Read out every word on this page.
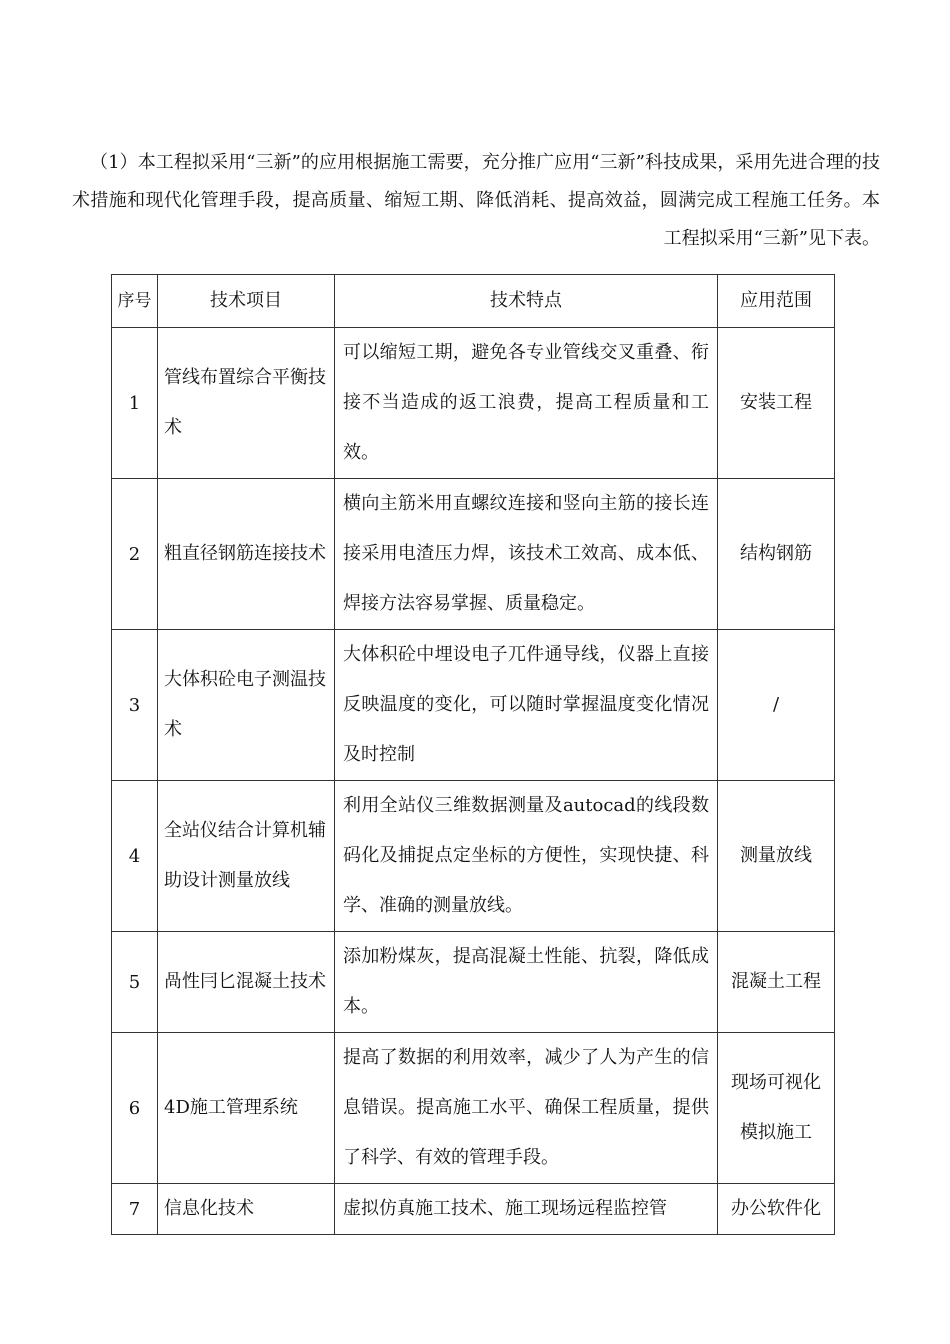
（1）本工程拟采用“三新”的应用根据施工需要，充分推广应用“三新”科技成果，采用先进合理的技术措施和现代化管理手段，提高质量、缩短工期、降低消耗、提高效益，圆满完成工程施工任务。本工程拟采用“三新”见下表。

序号	技术项目	技术特点	应用范围
1	管线布置综合平衡技术	可以缩短工期，避免各专业管线交叉重叠、衔接不当造成的返工浪费，提高工程质量和工效。	安装工程
2	粗直径钢筋连接技术	横向主筋米用直螺纹连接和竖向主筋的接长连接采用电渣压力焊，该技术工效高、成本低、焊接方法容易掌握、质量稳定。	结构钢筋
3	大体积砼电子测温技术	大体积砼中埋设电子兀件通导线，仪器上直接反映温度的变化，可以随时掌握温度变化情况及时控制	/
4	全站仪结合计算机辅助设计测量放线	利用全站仪三维数据测量及autocad的线段数码化及捕捉点定坐标的方便性，实现快捷、科学、准确的测量放线。	测量放线
5	咼性冃匕混凝土技术	添加粉煤灰，提高混凝土性能、抗裂，降低成本。	混凝土工程
6	4D施工管理系统	提高了数据的利用效率，减少了人为产生的信息错误。提高施工水平、确保工程质量，提供了科学、有效的管理手段。	现场可视化模拟施工
7	信息化技术	虚拟仿真施工技术、施工现场远程监控管	办公软件化
